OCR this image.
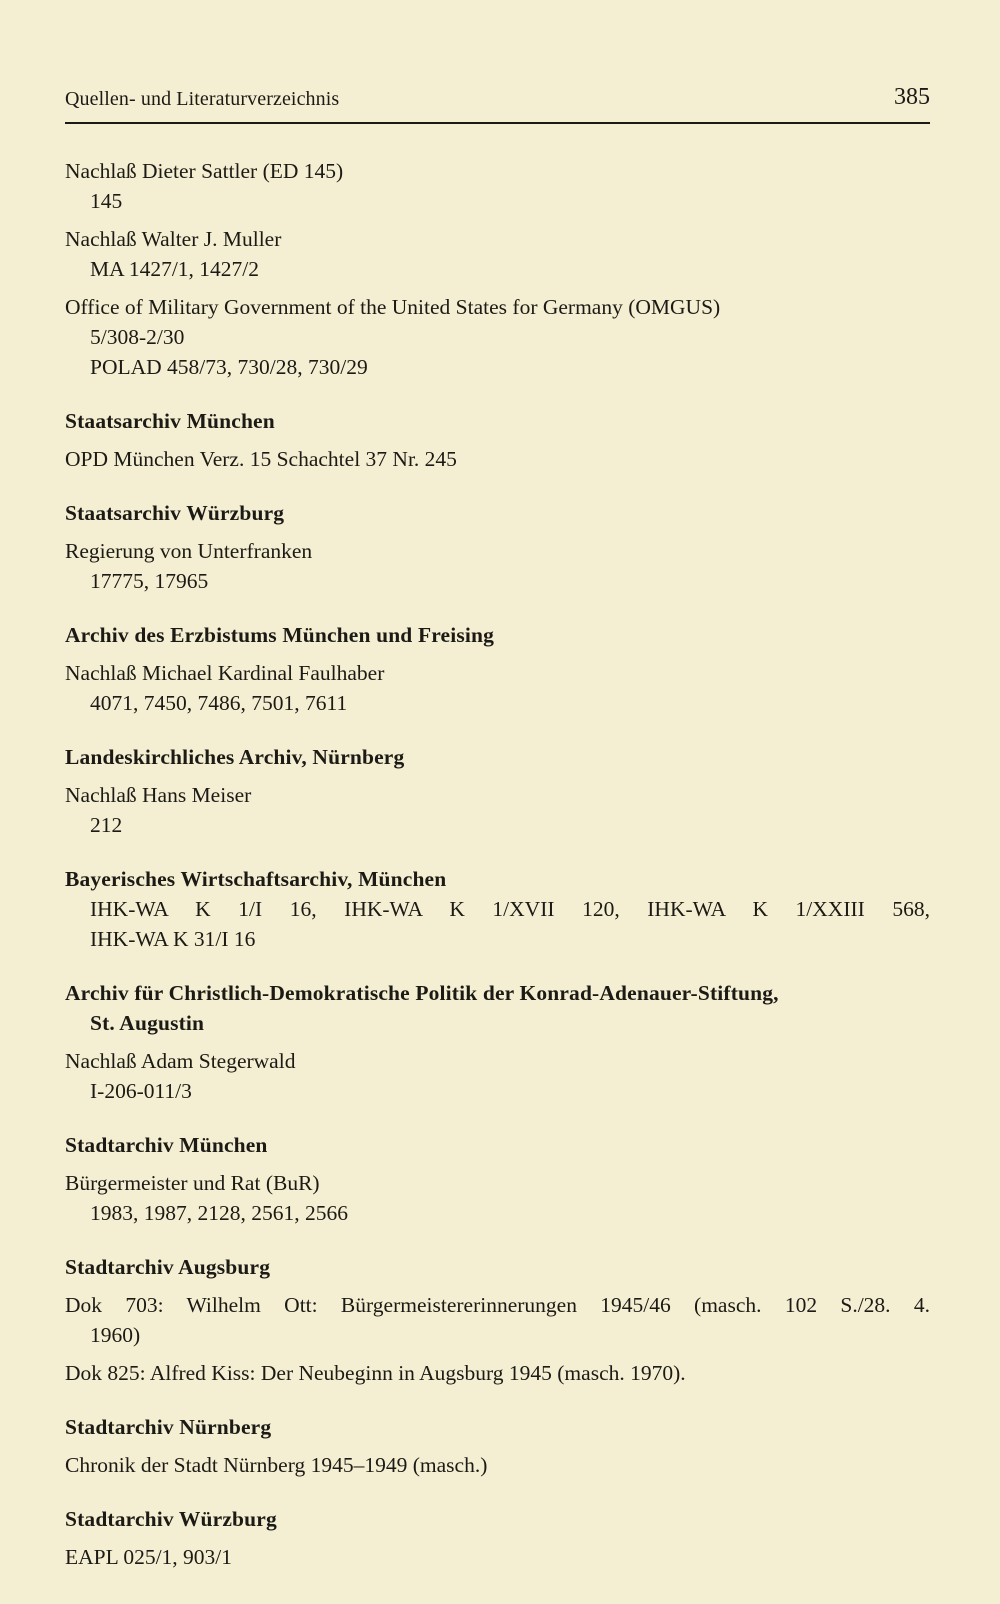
Quellen- und Literaturverzeichnis	385
Nachlaß Dieter Sattler (ED 145)
145
Nachlaß Walter J. Muller
MA 1427/1, 1427/2
Office of Military Government of the United States for Germany (OMGUS)
5/308-2/30
POLAD 458/73, 730/28, 730/29
Staatsarchiv München
OPD München Verz. 15 Schachtel 37 Nr. 245
Staatsarchiv Würzburg
Regierung von Unterfranken
17775, 17965
Archiv des Erzbistums München und Freising
Nachlaß Michael Kardinal Faulhaber
4071, 7450, 7486, 7501, 7611
Landeskirchliches Archiv, Nürnberg
Nachlaß Hans Meiser
212
Bayerisches Wirtschaftsarchiv, München
IHK-WA K 1/I 16, IHK-WA K 1/XVII 120, IHK-WA K 1/XXIII 568,
IHK-WA K 31/I 16
Archiv für Christlich-Demokratische Politik der Konrad-Adenauer-Stiftung,
St. Augustin
Nachlaß Adam Stegerwald
I-206-011/3
Stadtarchiv München
Bürgermeister und Rat (BuR)
1983, 1987, 2128, 2561, 2566
Stadtarchiv Augsburg
Dok 703: Wilhelm Ott: Bürgermeistererinnerungen 1945/46 (masch. 102 S./28. 4.
1960)
Dok 825: Alfred Kiss: Der Neubeginn in Augsburg 1945 (masch. 1970).
Stadtarchiv Nürnberg
Chronik der Stadt Nürnberg 1945–1949 (masch.)
Stadtarchiv Würzburg
EAPL 025/1, 903/1
